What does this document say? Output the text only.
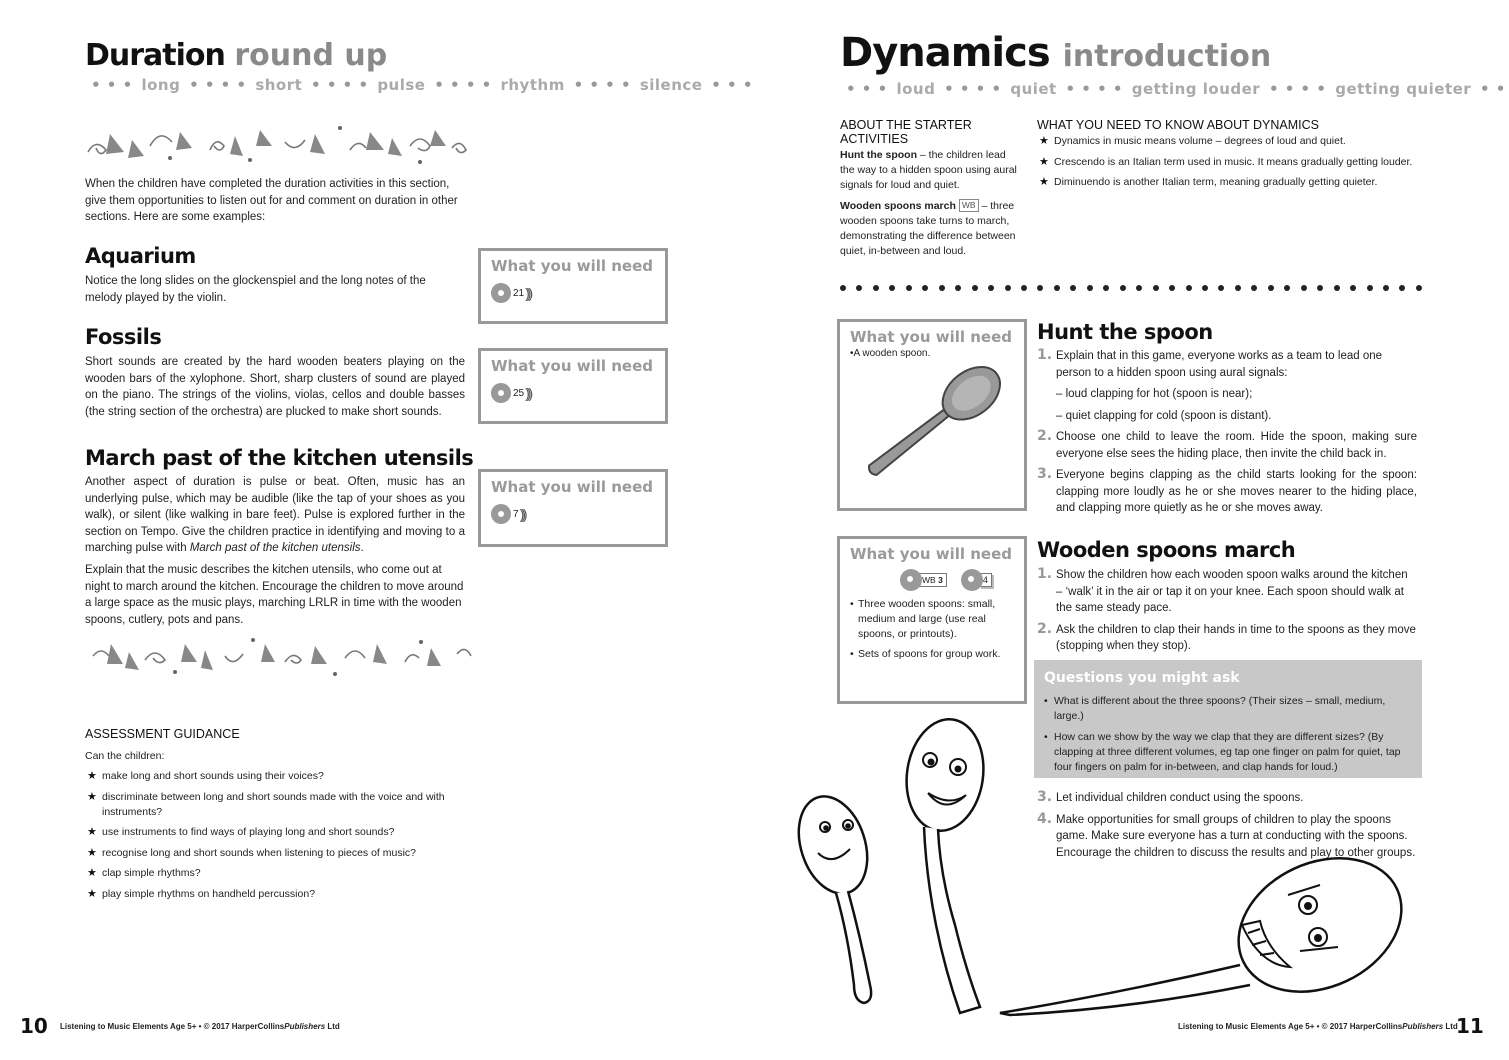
Duration round up
• • • long • • • • short • • • • pulse • • • • rhythm • • • • silence • • •

When the children have completed the duration activities in this section, give them opportunities to listen out for and comment on duration in other sections. Here are some examples:

Aquarium

Notice the long slides on the glockenspiel and the long notes of the melody played by the violin.

What you will need
21 )))
Fossils

Short sounds are created by the hard wooden beaters playing on the wooden bars of the xylophone. Short, sharp clusters of sound are played on the piano. The strings of the violins, violas, cellos and double basses (the string section of the orchestra) are plucked to make short sounds.

What you will need
25 )))
March past of the kitchen utensils

Another aspect of duration is pulse or beat. Often, music has an underlying pulse, which may be audible (like the tap of your shoes as you walk), or silent (like walking in bare feet). Pulse is explored further in the section on Tempo. Give the children practice in identifying and moving to a marching pulse with March past of the kitchen utensils.

Explain that the music describes the kitchen utensils, who come out at night to march around the kitchen. Encourage the children to move around a large space as the music plays, marching LRLR in time with the wooden spoons, cutlery, pots and pans.

What you will need
7 )))
ASSESSMENT GUIDANCE
Can the children:
★ make long and short sounds using their voices?
★ discriminate between long and short sounds made with the voice and with instruments?
★ use instruments to find ways of playing long and short sounds?
★ recognise long and short sounds when listening to pieces of music?
★ clap simple rhythms?
★ play simple rhythms on handheld percussion?
10 Listening to Music Elements Age 5+ • © 2017 HarperCollinsPublishers Ltd
Dynamics introduction
• • • loud • • • • quiet • • • • getting louder • • • • getting quieter • •
ABOUT THE STARTER
ACTIVITIES

Hunt the spoon – the children lead the way to a hidden spoon using aural signals for loud and quiet.

Wooden spoons march WB – three wooden spoons take turns to march, demonstrating the difference between quiet, in-between and loud.

WHAT YOU NEED TO KNOW ABOUT DYNAMICS
★ Dynamics in music means volume – degrees of loud and quiet.
★ Crescendo is an Italian term used in music. It means gradually getting louder.
★ Diminuendo is another Italian term, meaning gradually getting quieter.
What you will need
•A wooden spoon.
Hunt the spoon
1. Explain that in this game, everyone works as a team to lead one person to a hidden spoon using aural signals:
– loud clapping for hot (spoon is near);
– quiet clapping for cold (spoon is distant).
2. Choose one child to leave the room. Hide the spoon, making sure everyone else sees the hiding place, then invite the child back in.
3. Everyone begins clapping as the child starts looking for the spoon: clapping more loudly as he or she moves nearer to the hiding place, and clapping more quietly as he or she moves away.
What you will need
WB 3	4
• Three wooden spoons: small, medium and large (use real spoons, or printouts).
• Sets of spoons for group work.
Wooden spoons march
1. Show the children how each wooden spoon walks around the kitchen – ‘walk’ it in the air or tap it on your knee. Each spoon should walk at the same steady pace.
2. Ask the children to clap their hands in time to the spoons as they move (stopping when they stop).
Questions you might ask
• What is different about the three spoons? (Their sizes – small, medium, large.)
• How can we show by the way we clap that they are different sizes? (By clapping at three different volumes, eg tap one finger on palm for quiet, tap four fingers on palm for in-between, and clap hands for loud.)
3. Let individual children conduct using the spoons.
4. Make opportunities for small groups of children to play the spoons game. Make sure everyone has a turn at conducting with the spoons. Encourage the children to discuss the results and play to other groups.
Listening to Music Elements Age 5+ • © 2017 HarperCollinsPublishers Ltd
11
